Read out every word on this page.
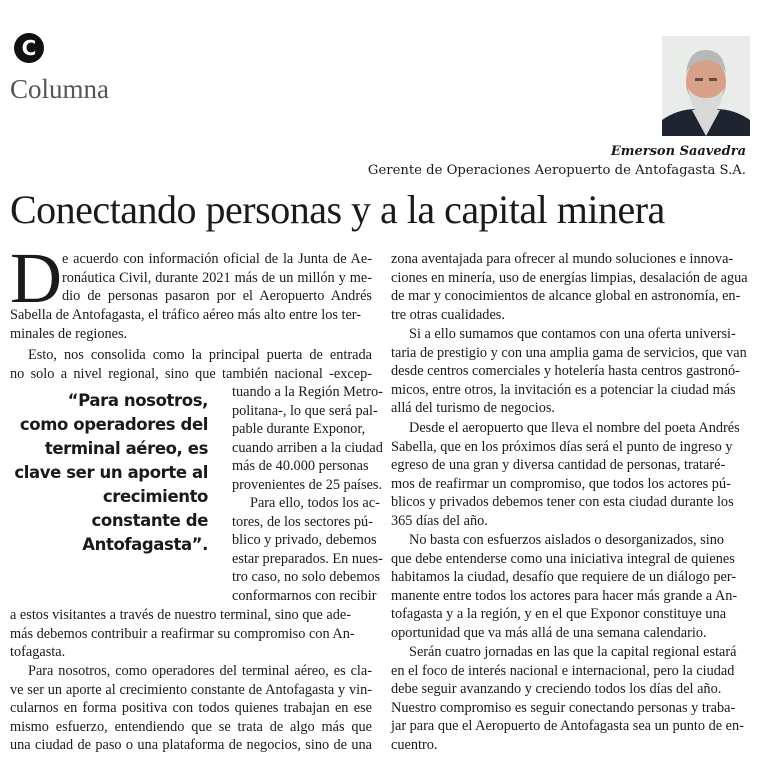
C
Columna
Emerson Saavedra
Gerente de Operaciones Aeropuerto de Antofagasta S.A.
Conectando personas y a la capital minera
D e acuerdo con información oficial de la Junta de Ae-
ronáutica Civil, durante 2021 más de un millón y me-
dio de personas pasaron por el Aeropuerto Andrés
Sabella de Antofagasta, el tráfico aéreo más alto entre los ter-
minales de regiones.
Esto, nos consolida como la principal puerta de entrada
no solo a nivel regional, sino que también nacional -excep-
tuando a la Región Metro-
politana-, lo que será pal-
pable durante Exponor,
cuando arriben a la ciudad
más de 40.000 personas
provenientes de 25 países.
Para ello, todos los ac-
tores, de los sectores pú-
blico y privado, debemos
estar preparados. En nues-
tro caso, no solo debemos
conformarnos con recibir
a estos visitantes a través de nuestro terminal, sino que ade-
más debemos contribuir a reafirmar su compromiso con An-
tofagasta.
Para nosotros, como operadores del terminal aéreo, es cla-
ve ser un aporte al crecimiento constante de Antofagasta y vin-
cularnos en forma positiva con todos quienes trabajan en ese
mismo esfuerzo, entendiendo que se trata de algo más que
una ciudad de paso o una plataforma de negocios, sino de una
“Para nosotros,
como operadores del
terminal aéreo, es
clave ser un aporte al
crecimiento
constante de
Antofagasta”.
zona aventajada para ofrecer al mundo soluciones e innova-
ciones en minería, uso de energías limpias, desalación de agua
de mar y conocimientos de alcance global en astronomía, en-
tre otras cualidades.
Si a ello sumamos que contamos con una oferta universi-
taria de prestigio y con una amplia gama de servicios, que van
desde centros comerciales y hotelería hasta centros gastronó-
micos, entre otros, la invitación es a potenciar la ciudad más
allá del turismo de negocios.
Desde el aeropuerto que lleva el nombre del poeta Andrés
Sabella, que en los próximos días será el punto de ingreso y
egreso de una gran y diversa cantidad de personas, trataré-
mos de reafirmar un compromiso, que todos los actores pú-
blicos y privados debemos tener con esta ciudad durante los
365 días del año.
No basta con esfuerzos aislados o desorganizados, sino
que debe entenderse como una iniciativa integral de quienes
habitamos la ciudad, desafío que requiere de un diálogo per-
manente entre todos los actores para hacer más grande a An-
tofagasta y a la región, y en el que Exponor constituye una
oportunidad que va más allá de una semana calendario.
Serán cuatro jornadas en las que la capital regional estará
en el foco de interés nacional e internacional, pero la ciudad
debe seguir avanzando y creciendo todos los días del año.
Nuestro compromiso es seguir conectando personas y traba-
jar para que el Aeropuerto de Antofagasta sea un punto de en-
cuentro.
